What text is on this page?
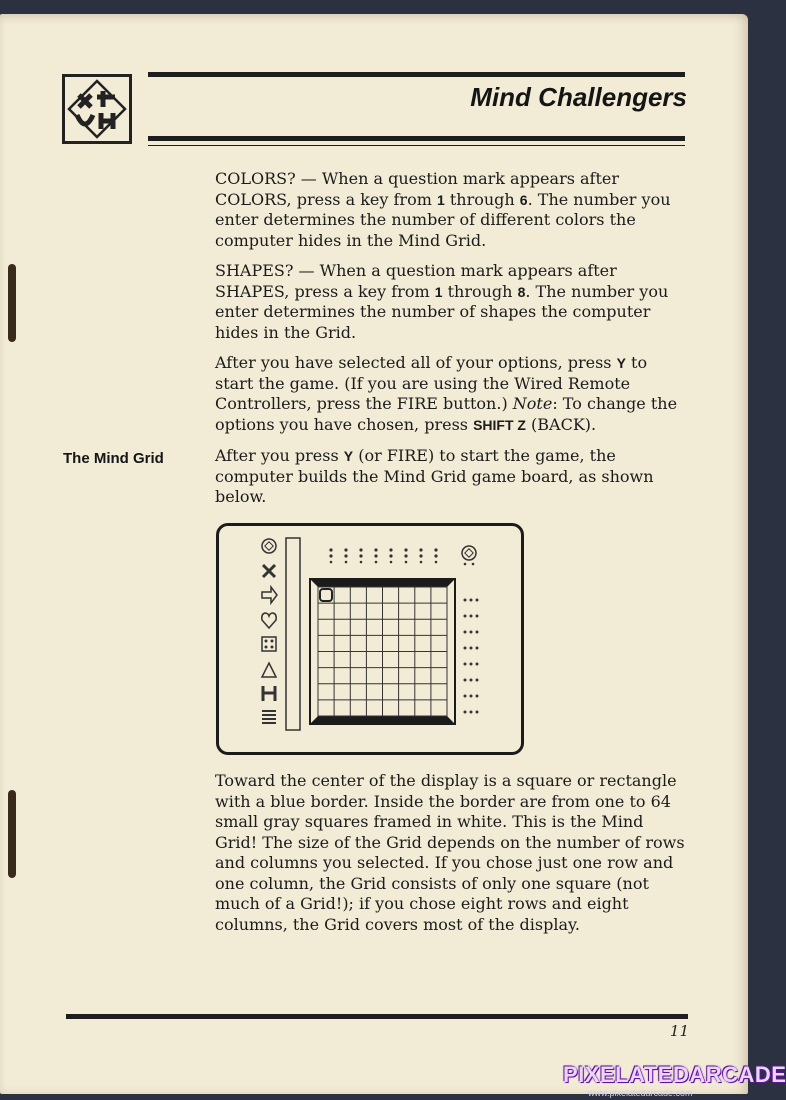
Mind Challengers

COLORS? — When a question mark appears after COLORS, press a key from 1 through 6. The number you enter determines the number of different colors the computer hides in the Mind Grid.

SHAPES? — When a question mark appears after SHAPES, press a key from 1 through 8. The number you enter determines the number of shapes the computer hides in the Grid.

After you have selected all of your options, press Y to start the game. (If you are using the Wired Remote Controllers, press the FIRE button.) Note: To change the options you have chosen, press SHIFT Z (BACK).

The Mind Grid	After you press Y (or FIRE) to start the game, the computer builds the Mind Grid game board, as shown below.

Toward the center of the display is a square or rectangle with a blue border. Inside the border are from one to 64 small gray squares framed in white. This is the Mind Grid! The size of the Grid depends on the number of rows and columns you selected. If you chose just one row and one column, the Grid consists of only one square (not much of a Grid!); if you chose eight rows and eight columns, the Grid covers most of the display.

11
PIXELATEDARCADE
www.pixelatedarcade.com
